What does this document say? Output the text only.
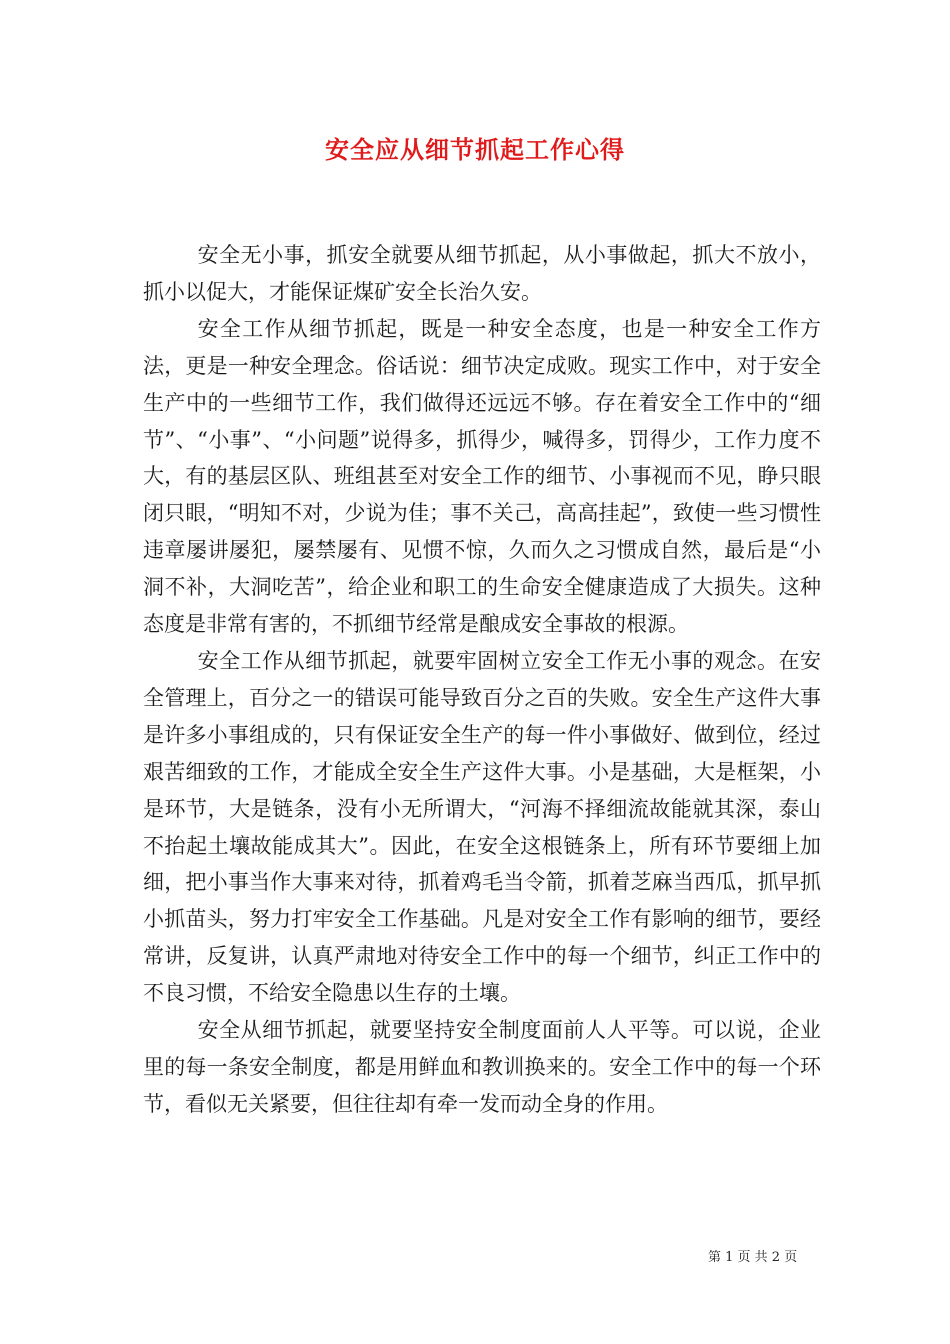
安全应从细节抓起工作心得

安全无小事，抓安全就要从细节抓起，从小事做起，抓大不放小，抓小以促大，才能保证煤矿安全长治久安。

安全工作从细节抓起，既是一种安全态度，也是一种安全工作方法，更是一种安全理念。俗话说：细节决定成败。现实工作中，对于安全生产中的一些细节工作，我们做得还远远不够。存在着安全工作中的“细节”、“小事”、“小问题”说得多，抓得少，喊得多，罚得少，工作力度不大，有的基层区队、班组甚至对安全工作的细节、小事视而不见，睁只眼闭只眼，“明知不对，少说为佳；事不关己，高高挂起”，致使一些习惯性违章屡讲屡犯，屡禁屡有、见惯不惊，久而久之习惯成自然，最后是“小洞不补，大洞吃苦”，给企业和职工的生命安全健康造成了大损失。这种态度是非常有害的，不抓细节经常是酿成安全事故的根源。

安全工作从细节抓起，就要牢固树立安全工作无小事的观念。在安全管理上，百分之一的错误可能导致百分之百的失败。安全生产这件大事是许多小事组成的，只有保证安全生产的每一件小事做好、做到位，经过艰苦细致的工作，才能成全安全生产这件大事。小是基础，大是框架，小是环节，大是链条，没有小无所谓大，“河海不择细流故能就其深，泰山不抬起土壤故能成其大”。因此，在安全这根链条上，所有环节要细上加细，把小事当作大事来对待，抓着鸡毛当令箭，抓着芝麻当西瓜，抓早抓小抓苗头，努力打牢安全工作基础。凡是对安全工作有影响的细节，要经常讲，反复讲，认真严肃地对待安全工作中的每一个细节，纠正工作中的不良习惯，不给安全隐患以生存的土壤。

安全从细节抓起，就要坚持安全制度面前人人平等。可以说，企业里的每一条安全制度，都是用鲜血和教训换来的。安全工作中的每一个环节，看似无关紧要，但往往却有牵一发而动全身的作用。

第 1 页 共 2 页
